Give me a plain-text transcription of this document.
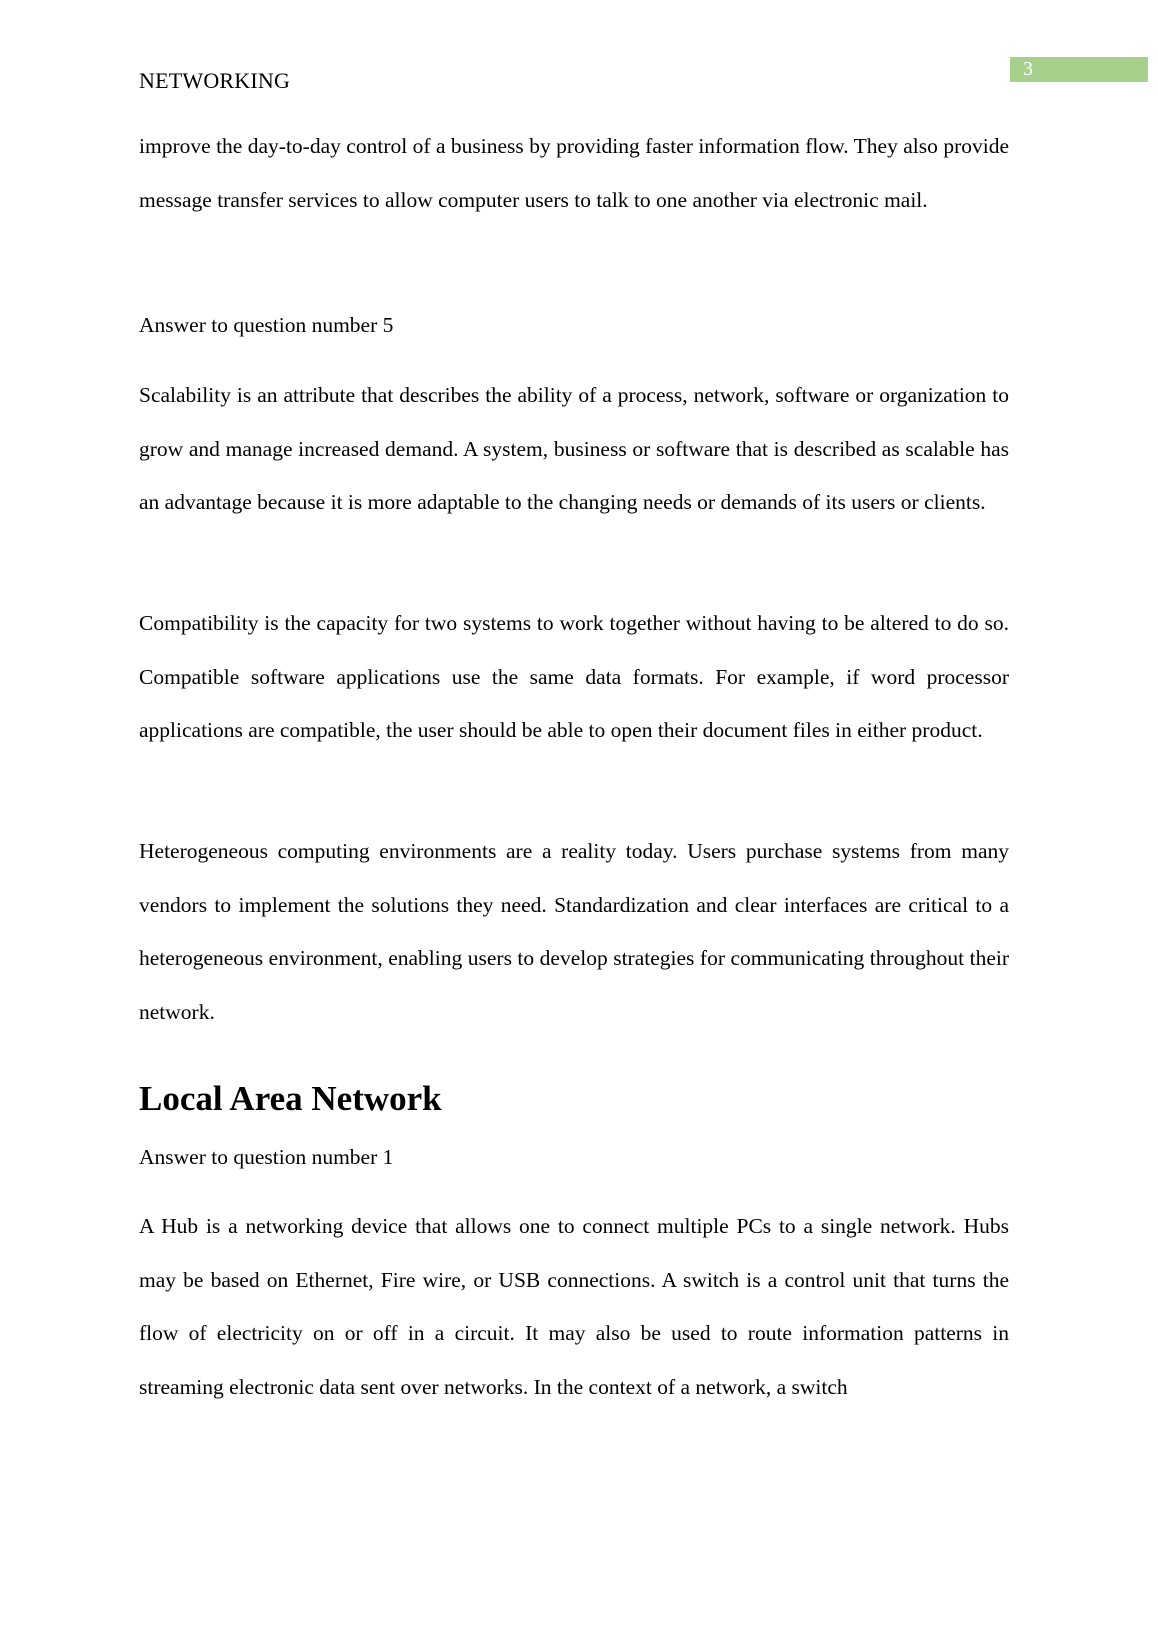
NETWORKING	3

improve the day-to-day control of a business by providing faster information flow. They also provide message transfer services to allow computer users to talk to one another via electronic mail.

Answer to question number 5

Scalability is an attribute that describes the ability of a process, network, software or organization to grow and manage increased demand. A system, business or software that is described as scalable has an advantage because it is more adaptable to the changing needs or demands of its users or clients.

Compatibility is the capacity for two systems to work together without having to be altered to do so. Compatible software applications use the same data formats. For example, if word processor applications are compatible, the user should be able to open their document files in either product.

Heterogeneous computing environments are a reality today. Users purchase systems from many vendors to implement the solutions they need. Standardization and clear interfaces are critical to a heterogeneous environment, enabling users to develop strategies for communicating throughout their network.

Local Area Network

Answer to question number 1

A Hub is a networking device that allows one to connect multiple PCs to a single network. Hubs may be based on Ethernet, Fire wire, or USB connections. A switch is a control unit that turns the flow of electricity on or off in a circuit. It may also be used to route information patterns in streaming electronic data sent over networks. In the context of a network, a switch
